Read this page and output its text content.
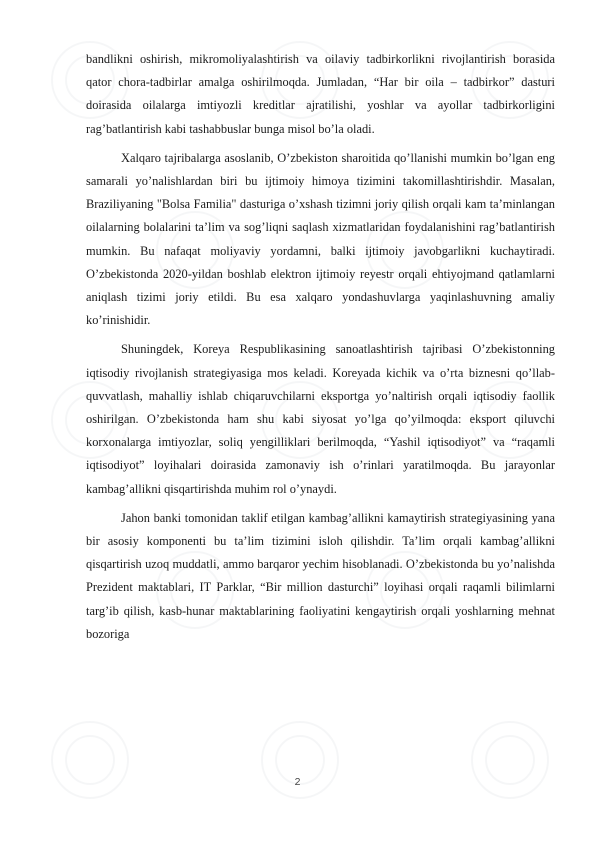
bandlikni oshirish, mikromoliyalashtirish va oilaviy tadbirkorlikni rivojlantirish borasida qator chora-tadbirlar amalga oshirilmoqda. Jumladan, “Har bir oila – tadbirkor” dasturi doirasida oilalarga imtiyozli kreditlar ajratilishi, yoshlar va ayollar tadbirkorligini rag’batlantirish kabi tashabbuslar bunga misol bo’la oladi.

Xalqaro tajribalarga asoslanib, O’zbekiston sharoitida qo’llanishi mumkin bo’lgan eng samarali yo’nalishlardan biri bu ijtimoiy himoya tizimini takomillashtirishdir. Masalan, Braziliyaning "Bolsa Familia" dasturiga o’xshash tizimni joriy qilish orqali kam ta’minlangan oilalarning bolalarini ta’lim va sog’liqni saqlash xizmatlaridan foydalanishini rag’batlantirish mumkin. Bu nafaqat moliyaviy yordamni, balki ijtimoiy javobgarlikni kuchaytiradi. O’zbekistonda 2020-yildan boshlab elektron ijtimoiy reyestr orqali ehtiyojmand qatlamlarni aniqlash tizimi joriy etildi. Bu esa xalqaro yondashuvlarga yaqinlashuvning amaliy ko’rinishidir.

Shuningdek, Koreya Respublikasining sanoatlashtirish tajribasi O’zbekistonning iqtisodiy rivojlanish strategiyasiga mos keladi. Koreyada kichik va o’rta biznesni qo’llab-quvvatlash, mahalliy ishlab chiqaruvchilarni eksportga yo’naltirish orqali iqtisodiy faollik oshirilgan. O’zbekistonda ham shu kabi siyosat yo’lga qo’yilmoqda: eksport qiluvchi korxonalarga imtiyozlar, soliq yengilliklari berilmoqda, “Yashil iqtisodiyot” va “raqamli iqtisodiyot” loyihalari doirasida zamonaviy ish o’rinlari yaratilmoqda. Bu jarayonlar kambag’allikni qisqartirishda muhim rol o’ynaydi.

Jahon banki tomonidan taklif etilgan kambag’allikni kamaytirish strategiyasining yana bir asosiy komponenti bu ta’lim tizimini isloh qilishdir. Ta’lim orqali kambag’allikni qisqartirish uzoq muddatli, ammo barqaror yechim hisoblanadi. O’zbekistonda bu yo’nalishda Prezident maktablari, IT Parklar, “Bir million dasturchi” loyihasi orqali raqamli bilimlarni targ’ib qilish, kasb-hunar maktablarining faoliyatini kengaytirish orqali yoshlarning mehnat bozoriga

2
